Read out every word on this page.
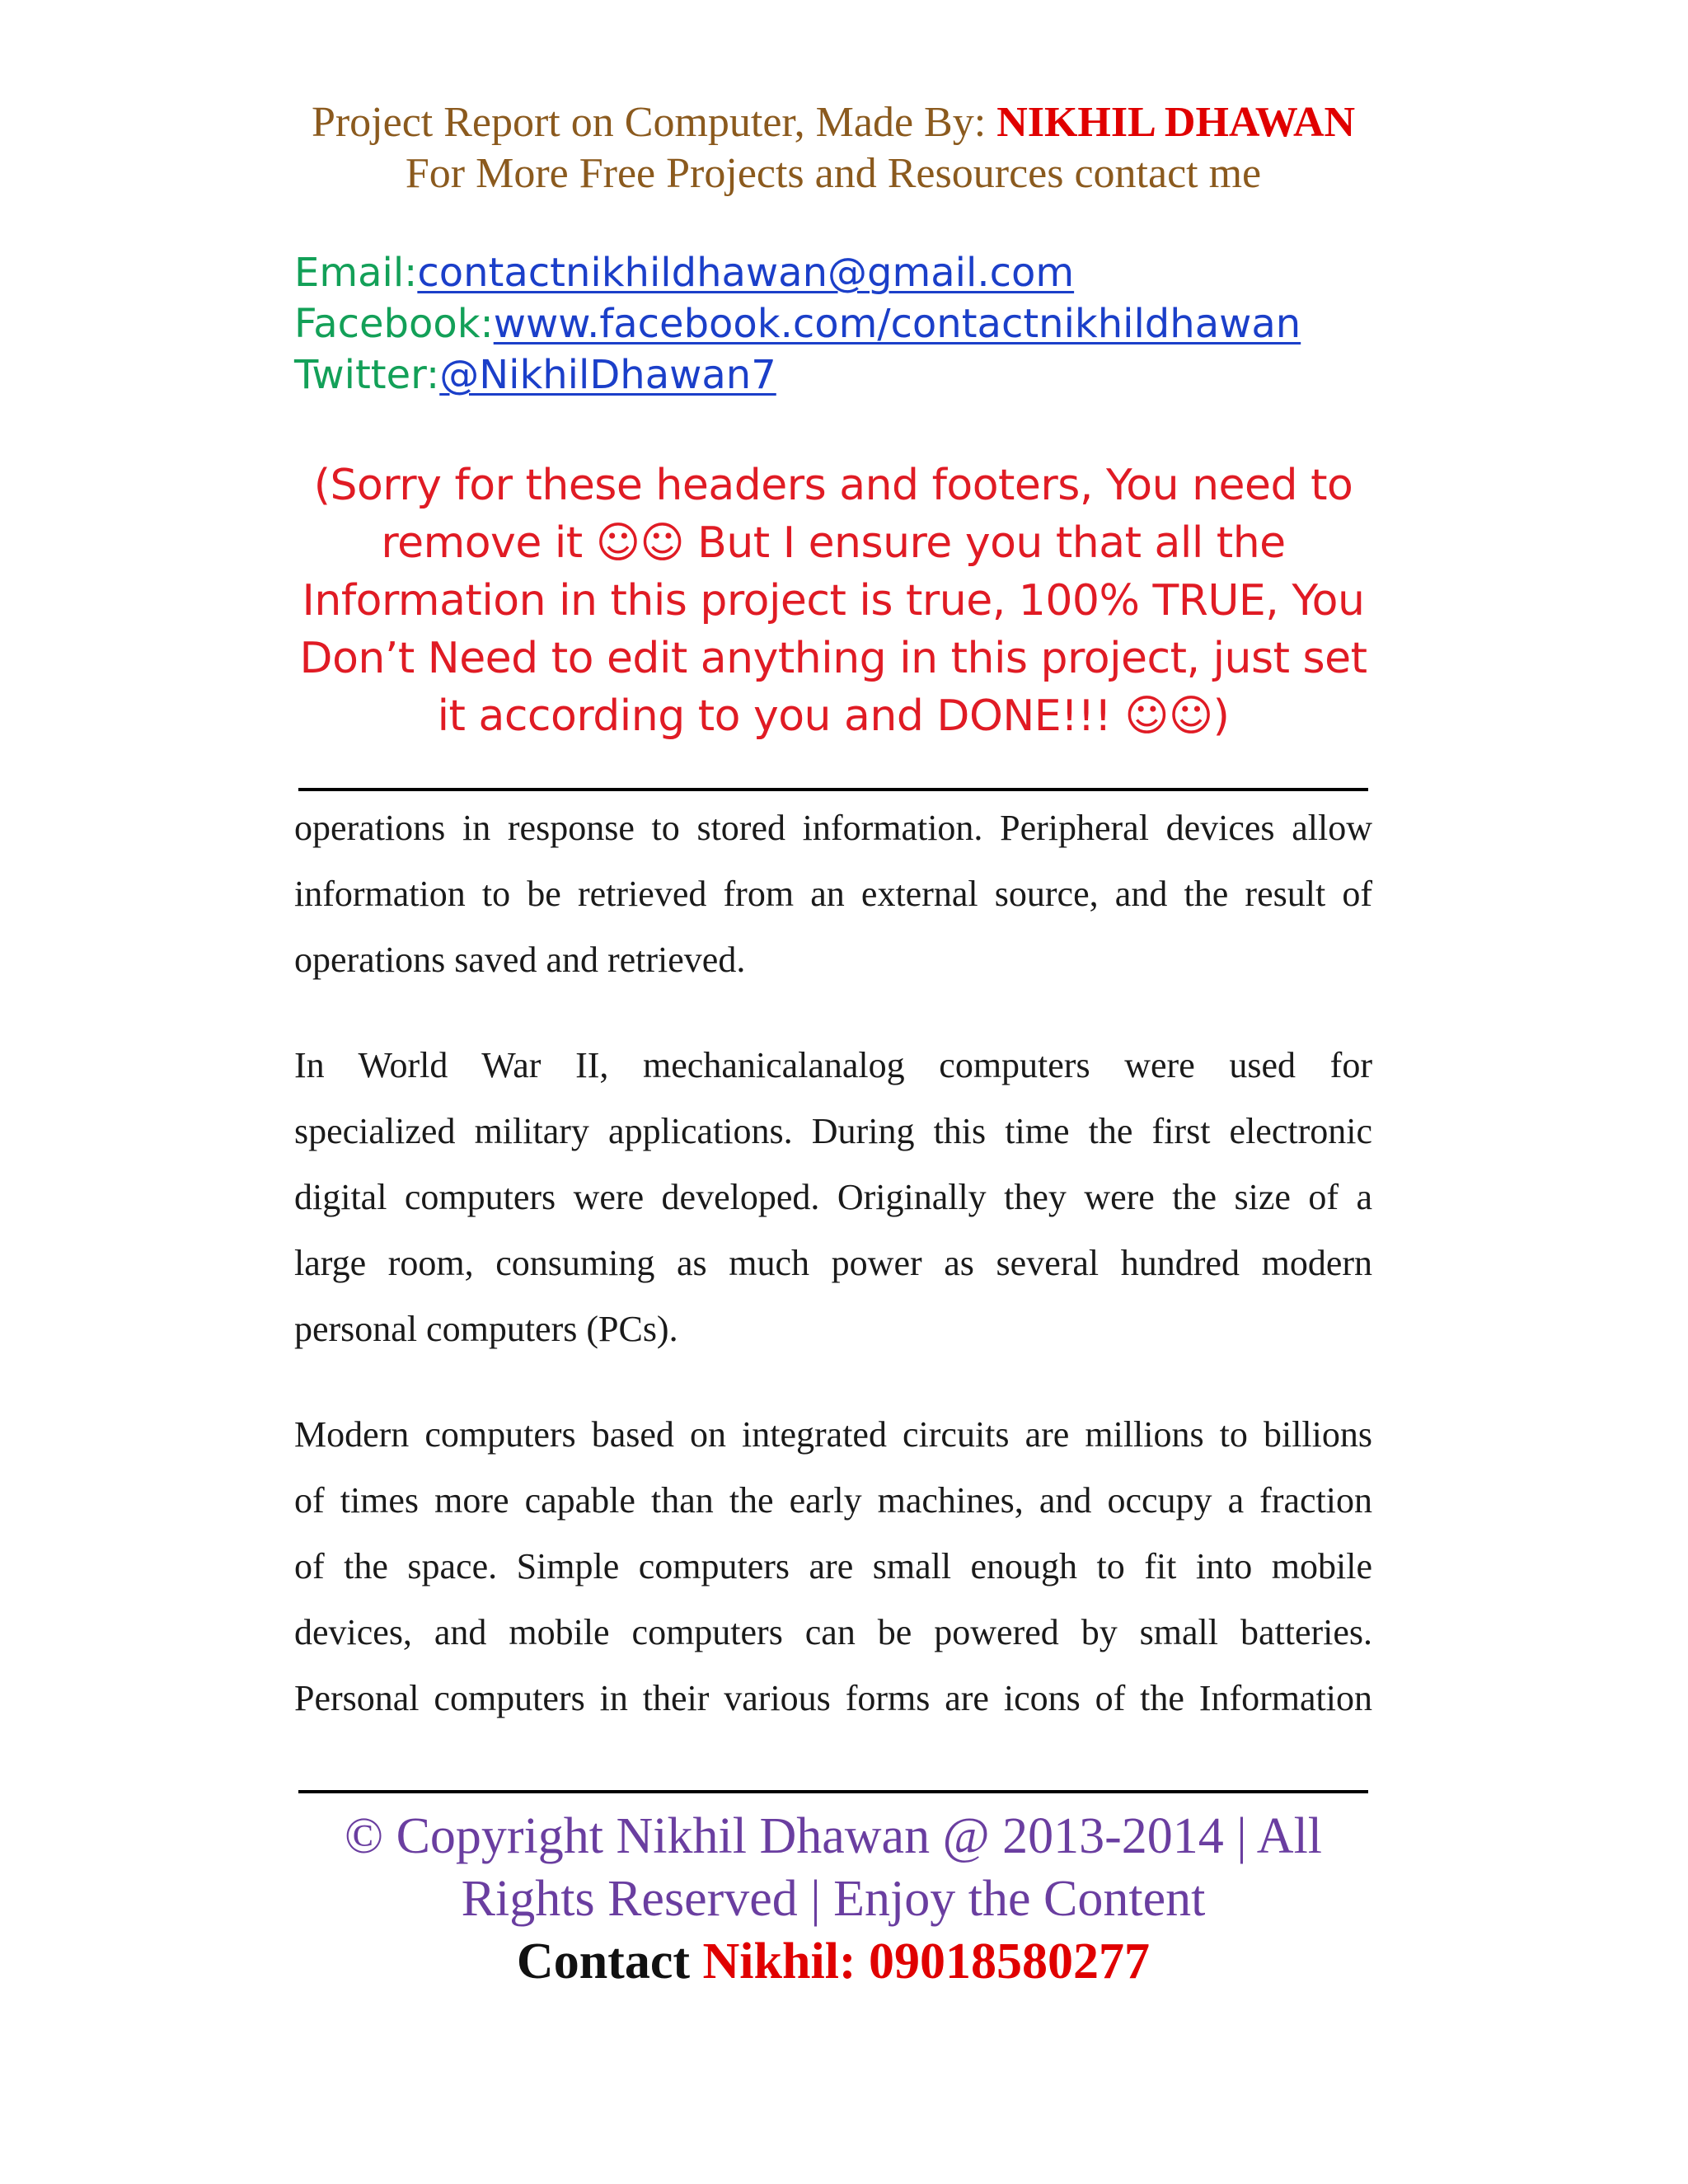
Project Report on Computer, Made By: NIKHIL DHAWAN
For More Free Projects and Resources contact me
Email:contactnikhildhawan@gmail.com
Facebook:www.facebook.com/contactnikhildhawan
Twitter:@NikhilDhawan7
(Sorry for these headers and footers, You need to
remove it ☺☺ But I ensure you that all the
Information in this project is true, 100% TRUE, You
Don’t Need to edit anything in this project, just set
it according to you and DONE!!! ☺☺)

operations in response to stored information. Peripheral devices allow
information to be retrieved from an external source, and the result of
operations saved and retrieved.

In World War II, mechanicalanalog computers were used for
specialized military applications. During this time the first electronic
digital computers were developed. Originally they were the size of a
large room, consuming as much power as several hundred modern
personal computers (PCs).

Modern computers based on integrated circuits are millions to billions
of times more capable than the early machines, and occupy a fraction
of the space. Simple computers are small enough to fit into mobile
devices, and mobile computers can be powered by small batteries.
Personal computers in their various forms are icons of the Information

© Copyright Nikhil Dhawan @ 2013-2014 | All
Rights Reserved | Enjoy the Content
Contact Nikhil: 09018580277
